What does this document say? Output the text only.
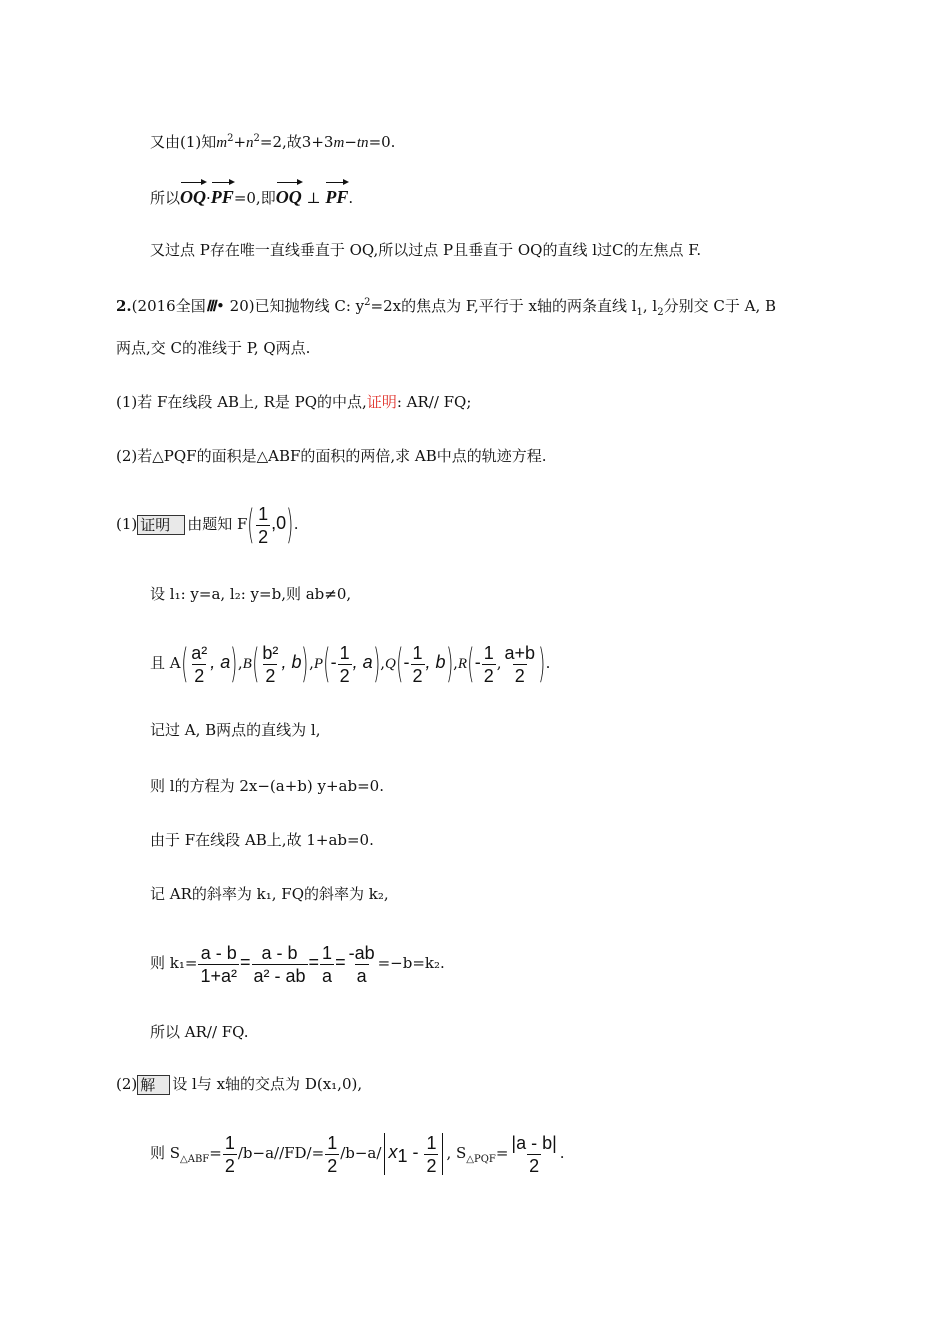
又由(1)知$m^2+n^2=2$,故3+3m−tn=0.
所以OQ·PF=0,即OQ ⊥ PF.
又过点 P存在唯一直线垂直于 OQ,所以过点 P且垂直于 OQ的直线 l过C的左焦点 F.
2.(2016全国Ⅲ• 20)已知抛物线 C: $y^2=2x$的焦点为 F,平行于 x轴的两条直线 $l_1$, $l_2$分别交 C于 A, B
两点,交 C的准线于 P, Q两点.
(1)若 F在线段 AB上, R是 PQ的中点,证明: AR// FQ;
(2)若△PQF的面积是△ABF的面积的两倍,求 AB中点的轨迹方程.
(1) 证明 由题知 $F( \frac{1}{2} ,0)$.
设 l₁: y=a, l₂: y=b,则 ab≠0,
且 $A( \frac{\text{a²}}{2}$ , $a),B( \frac{\text{b²}}{2}$ , $b),P(- \frac{1}{2}$ , $a),Q(- \frac{1}{2}$ , $b),R(- \frac{1}{2}$ , $\frac{a+b}{2}$ ).
记过 A, B两点的直线为 l,
则 l的方程为 2x−(a+b) y+ab=0.
由于 F在线段 AB上,故 1+ab=0.
记 AR的斜率为 k₁, FQ的斜率为 k₂,
则 $k_1= \frac{a - b}{\text{1+a²}} = \frac{a - b}{\text{a² - ab}} = \frac{1}{a} = \frac{-ab}{a} =-b=k_2$.
所以 AR// FQ.
(2) 解 设 l与 x轴的交点为 D(x₁,0),
则 $S_{\triangle ABF}= \frac{1}{2} /b-a//FD/= \frac{1}{2} /b-a/$ $x_1 - \frac{1}{2}$ , $S_{\triangle PQF}= \frac{|a - b|}{2}$ .
